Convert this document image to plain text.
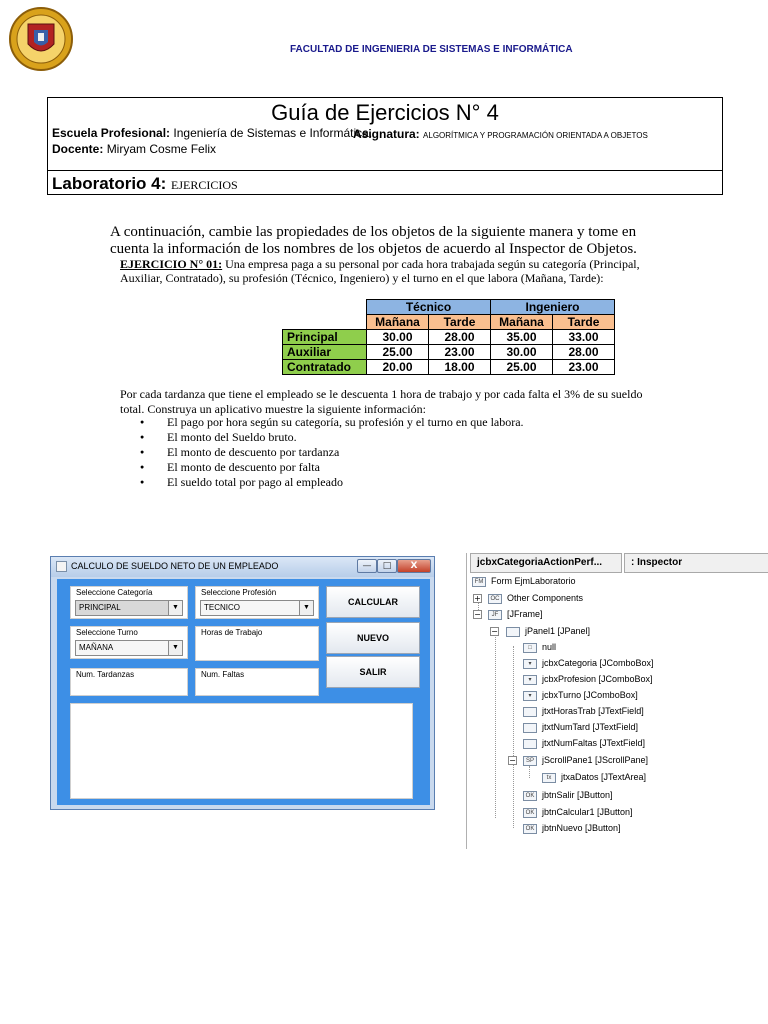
FACULTAD DE INGENIERIA DE SISTEMAS E INFORMÁTICA
Guía de Ejercicios N° 4
Escuela Profesional: Ingeniería de Sistemas e Informática.
Docente: Miryam Cosme Felix
Laboratorio 4: EJERCICIOS
Asignatura: ALGORÍTMICA Y PROGRAMACIÓN ORIENTADA A OBJETOS

A continuación, cambie las propiedades de los objetos de la siguiente manera y tome en cuenta la información de los nombres de los objetos de acuerdo al Inspector de Objetos.

EJERCICIO N° 01: Una empresa paga a su personal por cada hora trabajada según su categoría (Principal, Auxiliar, Contratado), su profesión (Técnico, Ingeniero) y el turno en el que labora (Mañana, Tarde):

	Técnico		Ingeniero	
	Mañana	Tarde	Mañana	Tarde
Principal	30.00	28.00	35.00	33.00
Auxiliar	25.00	23.00	30.00	28.00
Contratado	20.00	18.00	25.00	23.00

Por cada tardanza que tiene el empleado se le descuenta 1 hora de trabajo y por cada falta el 3% de su sueldo total. Construya un aplicativo muestre la siguiente información:

● El pago por hora según su categoría, su profesión y el turno en que labora.
● El monto del Sueldo bruto.
● El monto de descuento por tardanza
● El monto de descuento por falta
● El sueldo total por pago al empleado
CALCULO DE SUELDO NETO DE UN EMPLEADO	—	□	X
Seleccione Categoría
PRINCIPAL	▼
Seleccione Profesión
TECNICO	▼
Seleccione Turno
MAÑANA	▼
Horas de Trabajo
Num. Tardanzas	Num. Faltas
CALCULAR
NUEVO
SALIR
jcbxCategoriaActionPerf...	: Inspector
FM Form EjmLaboratorio
+	OC Other Components
−	JF [JFrame]
−	jPanel1 [JPanel]
□ null
▾ jcbxCategoria [JComboBox]
▾ jcbxProfesion [JComboBox]
▾ jcbxTurno [JComboBox]
jtxtHorasTrab [JTextField]
jtxtNumTard [JTextField]
jtxtNumFaltas [JTextField]
−	SP jScrollPane1 [JScrollPane]
tx jtxaDatos [JTextArea]
OK jbtnSalir [JButton]
OK jbtnCalcular1 [JButton]
OK jbtnNuevo [JButton]
